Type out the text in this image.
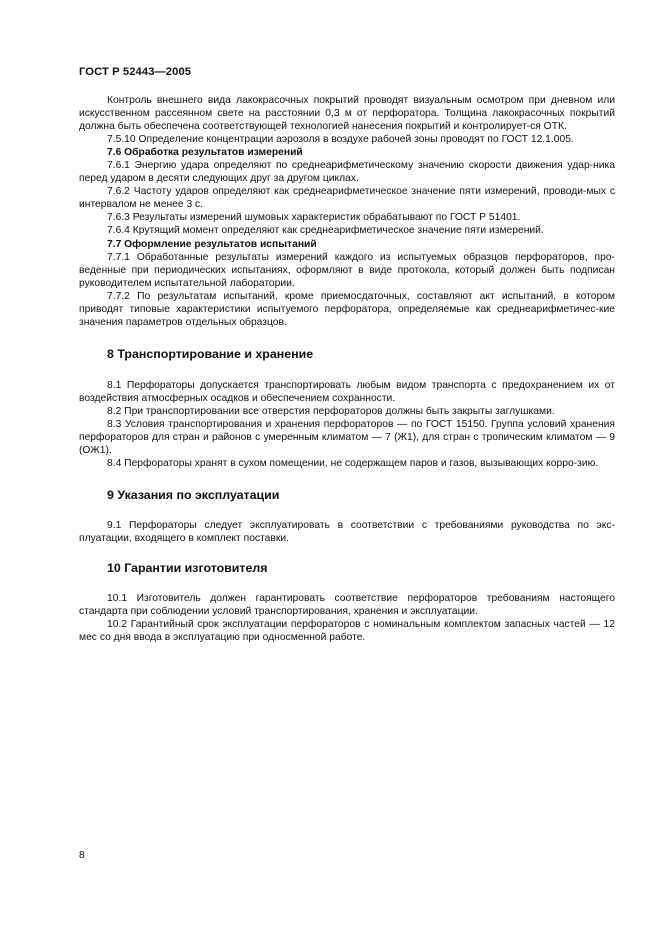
ГОСТ Р 52443—2005

Контроль внешнего вида лакокрасочных покрытий проводят визуальным осмотром при дневном или искусственном рассеянном свете на расстоянии 0,3 м от перфоратора. Толщина лакокрасочных покрытий должна быть обеспечена соответствующей технологией нанесения покрытий и контролирует-ся ОТК.

7.5.10 Определение концентрации аэрозоля в воздухе рабочей зоны проводят по ГОСТ 12.1.005.

7.6 Обработка результатов измерений

7.6.1 Энергию удара определяют по среднеарифметическому значению скорости движения удар-ника перед ударом в десяти следующих друг за другом циклах.

7.6.2 Частоту ударов определяют как среднеарифметическое значение пяти измерений, проводи-мых с интервалом не менее 3 с.

7.6.3 Результаты измерений шумовых характеристик обрабатывают по ГОСТ Р 51401.

7.6.4 Крутящий момент определяют как среднеарифметическое значение пяти измерений.

7.7 Оформление результатов испытаний

7.7.1 Обработанные результаты измерений каждого из испытуемых образцов перфораторов, про-веденные при периодических испытаниях, оформляют в виде протокола, который должен быть подписан руководителем испытательной лаборатории.

7.7.2 По результатам испытаний, кроме приемосдаточных, составляют акт испытаний, в котором приводят типовые характеристики испытуемого перфоратора, определяемые как среднеарифметичес-кие значения параметров отдельных образцов.

8 Транспортирование и хранение

8.1 Перфораторы допускается транспортировать любым видом транспорта с предохранением их от воздействия атмосферных осадков и обеспечением сохранности.

8.2 При транспортировании все отверстия перфораторов должны быть закрыты заглушками.

8.3 Условия транспортирования и хранения перфораторов — по ГОСТ 15150. Группа условий хранения перфораторов для стран и районов с умеренным климатом — 7 (Ж1), для стран с тропическим климатом — 9 (ОЖ1).

8.4 Перфораторы хранят в сухом помещении, не содержащем паров и газов, вызывающих корро-зию.

9 Указания по эксплуатации

9.1 Перфораторы следует эксплуатировать в соответствии с требованиями руководства по экс-плуатации, входящего в комплект поставки.

10 Гарантии изготовителя

10.1 Изготовитель должен гарантировать соответствие перфораторов требованиям настоящего стандарта при соблюдении условий транспортирования, хранения и эксплуатации.

10.2 Гарантийный срок эксплуатации перфораторов с номинальным комплектом запасных частей — 12 мес со дня ввода в эксплуатацию при односменной работе.

8
